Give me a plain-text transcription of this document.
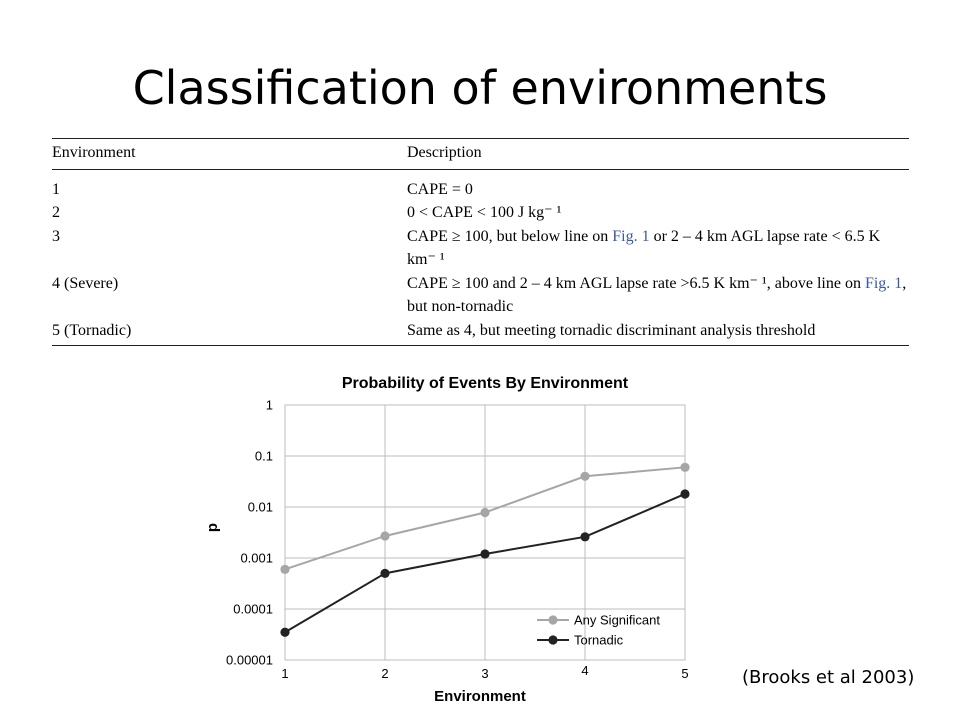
Classification of environments
Environment	Description
1	CAPE = 0
2	0 < CAPE < 100 J kg⁻ ¹
3	CAPE ≥ 100, but below line on Fig. 1 or 2 – 4 km AGL lapse rate < 6.5 K km⁻ ¹
4 (Severe)	CAPE ≥ 100 and 2 – 4 km AGL lapse rate >6.5 K km⁻ ¹, above line on Fig. 1, but non-tornadic
5 (Tornadic)	Same as 4, but meeting tornadic discriminant analysis threshold
Probability of Events By Environment
1
0.1
0.01
0.001
0.0001
0.00001
1	2	3	4	5
Environment
p
Any Significant
Tornadic
(Brooks et al 2003)
